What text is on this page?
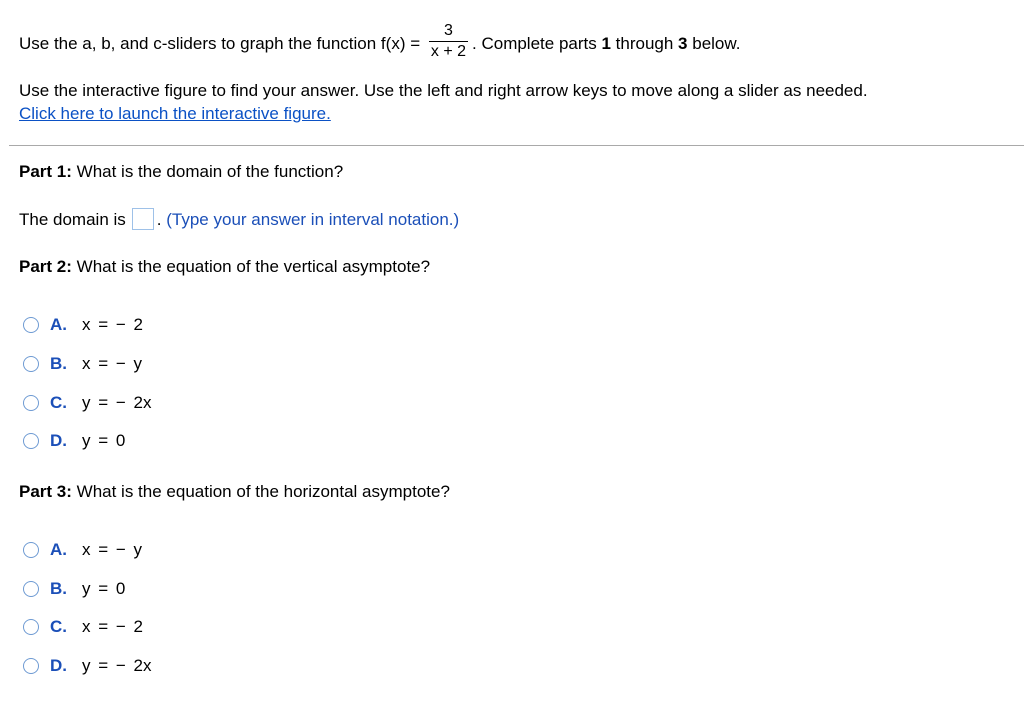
Use the a, b, and c-sliders to graph the function $f(x) = \frac{3}{x + 2}$ . Complete parts 1 through 3 below.
Use the interactive figure to find your answer. Use the left and right arrow keys to move along a slider as needed.
Click here to launch the interactive figure.
Part 1: What is the domain of the function?
The domain is . (Type your answer in interval notation.)
Part 2: What is the equation of the vertical asymptote?
A. x = − 2
B. x = − y
C. y = − 2x
D. y = 0
Part 3: What is the equation of the horizontal asymptote?
A. x = − y
B. y = 0
C. x = − 2
D. y = − 2x
